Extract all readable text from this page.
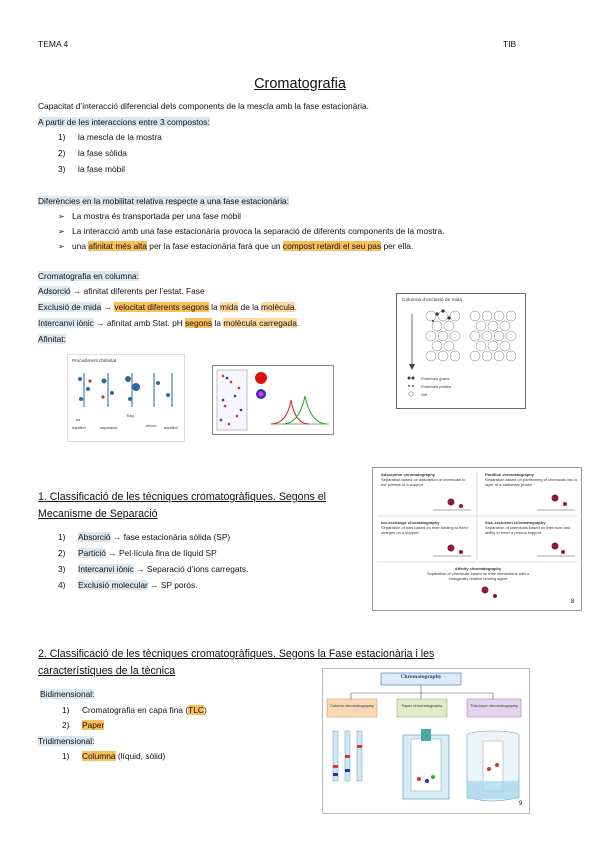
TEMA 4	TIB
Cromatografia
Capacitat d’interacció diferencial dels components de la mescla amb la fase estacionària.
A partir de les interaccions entre 3 compostos:
1) la mescla de la mostra
2) la fase sòlida
3) la fase mòbil
Diferències en la mobilitat relativa respecte a una fase estacionària:
➢ La mostra és transportada per una fase mòbil
➢ La interacció amb una fase estacionària provoca la separació de diferents components de la mostra.
➢ una afinitat més alta per la fase estacionària farà que un compost retardi el seu pas per ella.
Cromatografia en columna:
Adsorció → afinitat diferents per l’estat. Fase
Exclusió de mida → velocitat diferents segons la mida de la molècula.
Intercanvi iònic → afinitat amb Stat. pH segons la molècula carregada.
Afinitat:
Procediment d’afinitat
es
equilibri	separació
Tiag
elució equilibri
Columna d’exclusió de mida
Proteïnes grans
Proteïnes petites
Gel
1. Classificació de les tècniques cromatogràfiques. Segons el
Mecanisme de Separació
1) Absorció → fase estacionària sòlida (SP)
2) Partició → Pel·lícula fina de líquid SP
3) Intercanvi iònic → Separació d’ions carregats.
4) Exclusió molecular → SP porós.
Adsorption chromatography
Separation based on adsorption of chemicals to the surface of a support
Partition chromatography
Separation based on partitioning of chemicals into a layer of a stationary phase
Ion-exchange chromatography
Separation of ions based on their binding to fixed charges on a support
Size-exclusion chromatography
Separation of chemicals based on their size and ability to enter a porous support
Affinity chromatography
Separation of chemicals based on their interactions with a biologically relative binding agent
8
2. Classificació de les tècniques cromatogràfiques. Segons la Fase estacionària i les
característiques de la tècnica
Bidimensional:
1) Cromatografia en capa fina (TLC)
2) Paper
Tridimensional:
1) Columna (líquid, sòlid)
Chromatography
Column chromatography	Paper chromatography	Thin-layer chromatography
9
